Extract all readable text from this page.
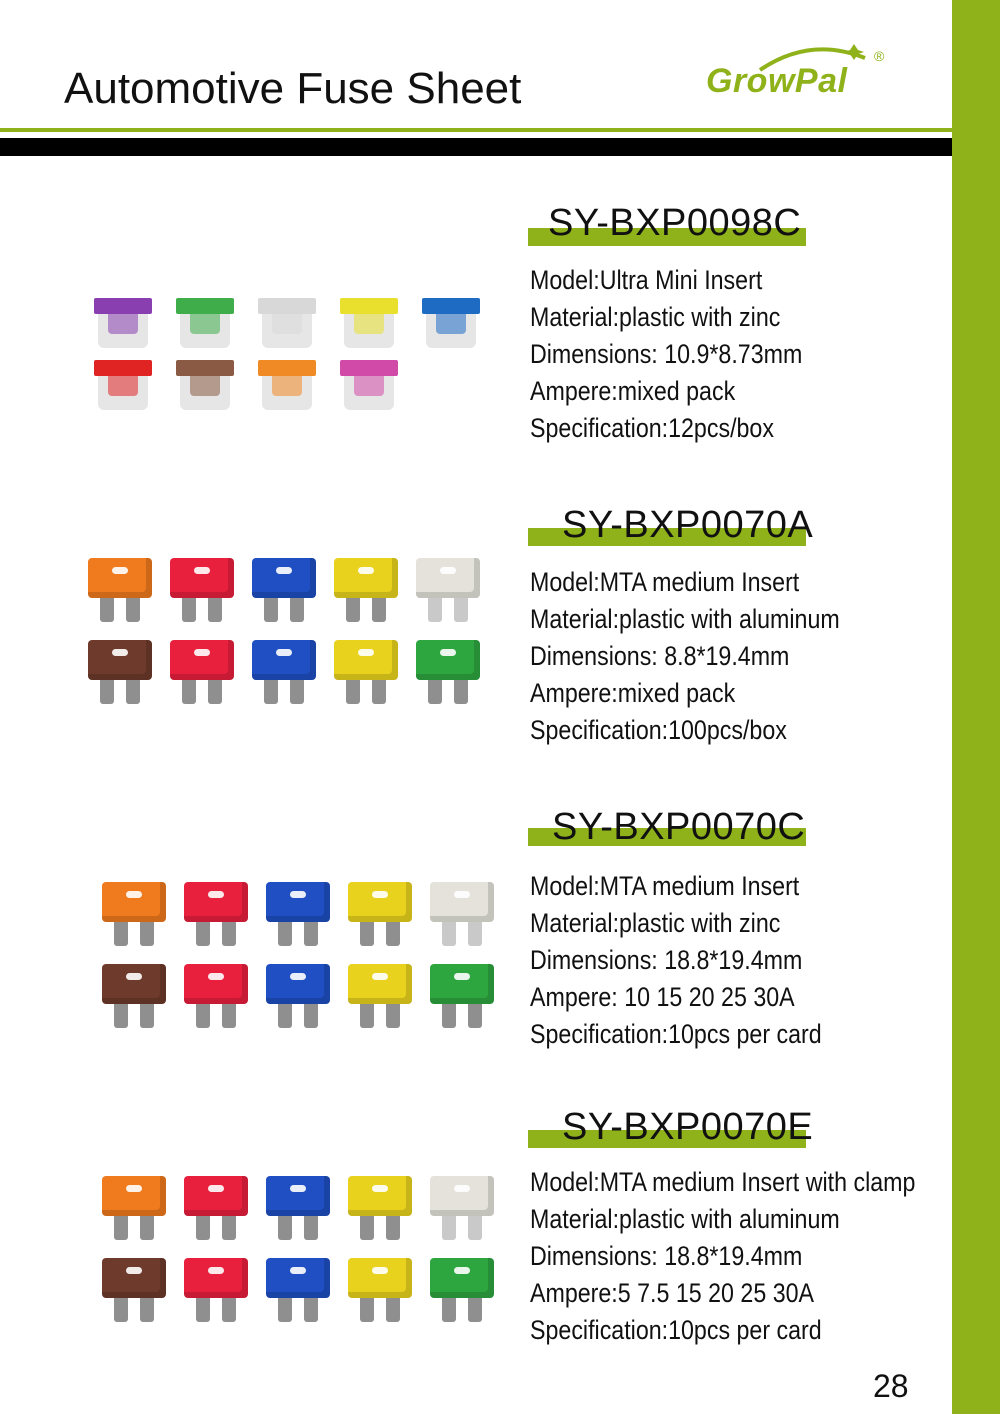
Automotive Fuse Sheet	GrowPal
®
SY-BXP0098C
Model:Ultra Mini Insert
Material:plastic with zinc
Dimensions: 10.9*8.73mm
Ampere:mixed pack
Specification:12pcs/box
SY-BXP0070A
Model:MTA medium Insert
Material:plastic with aluminum
Dimensions: 8.8*19.4mm
Ampere:mixed pack
Specification:100pcs/box
SY-BXP0070C
Model:MTA medium Insert
Material:plastic with zinc
Dimensions: 18.8*19.4mm
Ampere: 10 15 20 25 30A
Specification:10pcs per card
SY-BXP0070E
Model:MTA medium Insert with clamp
Material:plastic with aluminum
Dimensions: 18.8*19.4mm
Ampere:5 7.5 15 20 25 30A
Specification:10pcs per card
28
